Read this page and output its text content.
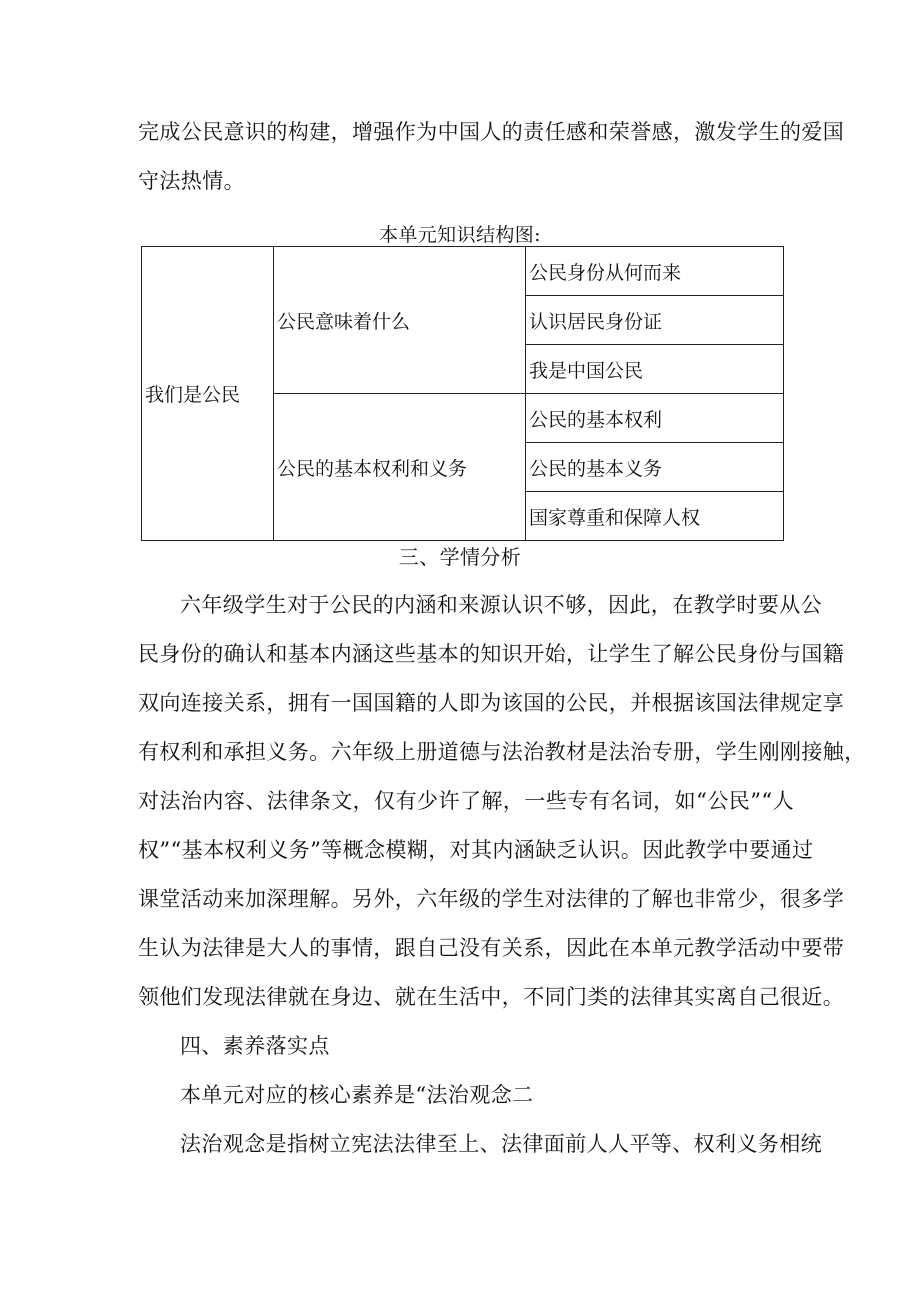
完成公民意识的构建，增强作为中国人的责任感和荣誉感，激发学生的爱国
守法热情。
本单元知识结构图:
我们是公民	公民意味着什么	公民身份从何而来
		认识居民身份证
		我是中国公民
	公民的基本权利和义务	公民的基本权利
		公民的基本义务
		国家尊重和保障人权
三、学情分析
六年级学生对于公民的内涵和来源认识不够，因此，在教学时要从公
民身份的确认和基本内涵这些基本的知识开始，让学生了解公民身份与国籍
双向连接关系，拥有一国国籍的人即为该国的公民，并根据该国法律规定享
有权利和承担义务。六年级上册道德与法治教材是法治专册，学生刚刚接触，
对法治内容、法律条文，仅有少许了解，一些专有名词，如“公民”“人
权”“基本权利义务”等概念模糊，对其内涵缺乏认识。因此教学中要通过
课堂活动来加深理解。另外，六年级的学生对法律的了解也非常少，很多学
生认为法律是大人的事情，跟自己没有关系，因此在本单元教学活动中要带
领他们发现法律就在身边、就在生活中，不同门类的法律其实离自己很近。
四、素养落实点
本单元对应的核心素养是“法治观念二
法治观念是指树立宪法法律至上、法律面前人人平等、权利义务相统
